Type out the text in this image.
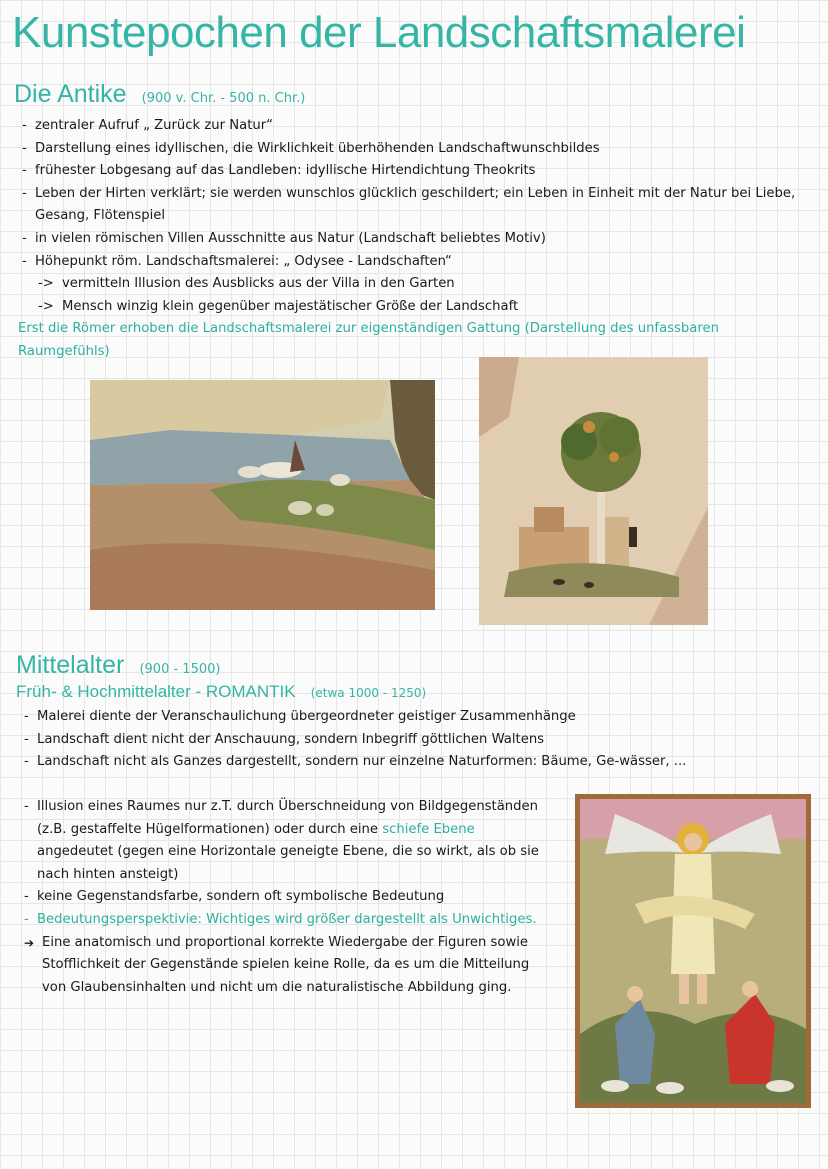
Kunstepochen der Landschaftsmalerei
Die Antike (900 v. Chr. - 500 n. Chr.)
- zentraler Aufruf „ Zurück zur Natur“
- Darstellung eines idyllischen, die Wirklichkeit überhöhenden Landschaftwunschbildes
- frühester Lobgesang auf das Landleben: idyllische Hirtendichtung Theokrits
- Leben der Hirten verklärt; sie werden wunschlos glücklich geschildert; ein Leben in Einheit mit der Natur bei Liebe, Gesang, Flötenspiel
- in vielen römischen Villen Ausschnitte aus Natur (Landschaft beliebtes Motiv)
- Höhepunkt röm. Landschaftsmalerei: „ Odysee - Landschaften“
-> vermitteln Illusion des Ausblicks aus der Villa in den Garten
-> Mensch winzig klein gegenüber majestätischer Größe der Landschaft
Erst die Römer erhoben die Landschaftsmalerei zur eigenständigen Gattung (Darstellung des unfassbaren Raumgefühls)
Mittelalter (900 - 1500)
Früh- & Hochmittelalter - ROMANTIK (etwa 1000 - 1250)
- Malerei diente der Veranschaulichung übergeordneter geistiger Zusammenhänge
- Landschaft dient nicht der Anschauung, sondern Inbegriff göttlichen Waltens
- Landschaft nicht als Ganzes dargestellt, sondern nur einzelne Naturformen: Bäume, Ge-wässer, ...
- Illusion eines Raumes nur z.T. durch Überschneidung von Bildgegenständen (z.B. gestaffelte Hügelformationen) oder durch eine schiefe Ebene angedeutet (gegen eine Horizontale geneigte Ebene, die so wirkt, als ob sie nach hinten ansteigt)
- keine Gegenstandsfarbe, sondern oft symbolische Bedeutung
- Bedeutungsperspektivie: Wichtiges wird größer dargestellt als Unwichtiges.
➔ Eine anatomisch und proportional korrekte Wiedergabe der Figuren sowie Stofflichkeit der Gegenstände spielen keine Rolle, da es um die Mitteilung von Glaubensinhalten und nicht um die naturalistische Abbildung ging.
